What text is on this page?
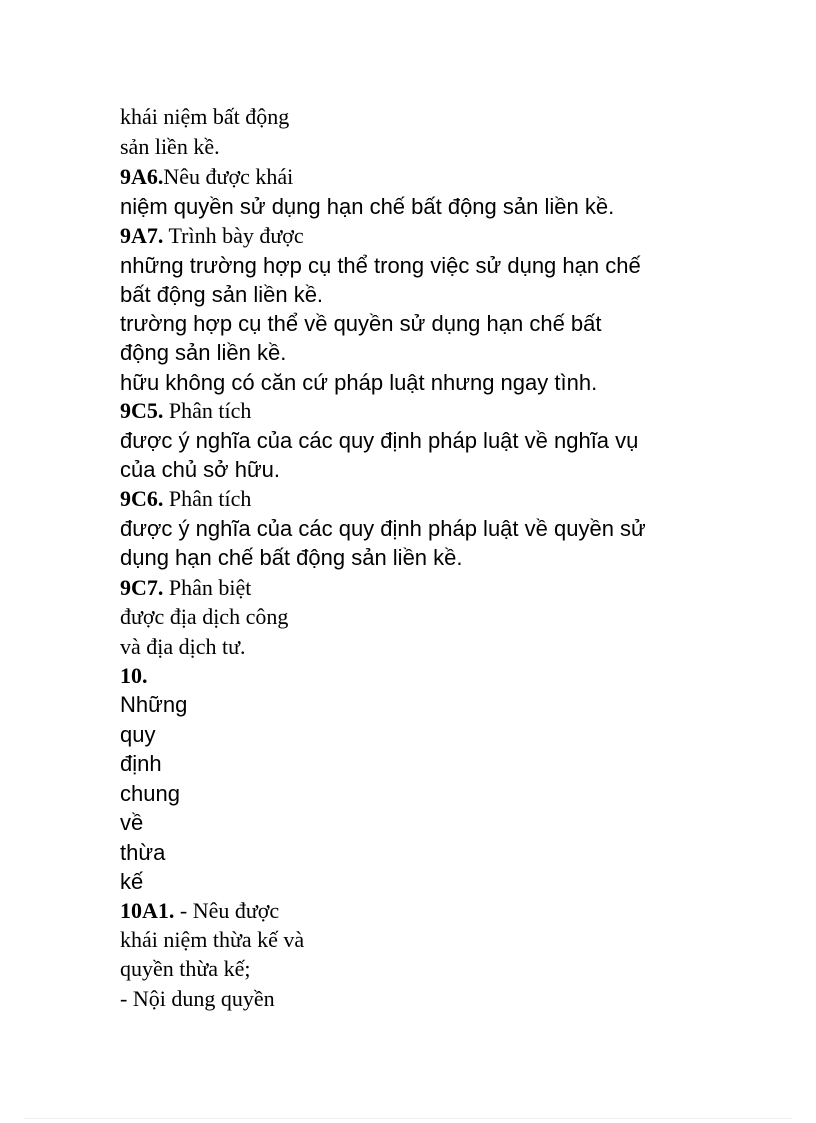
khái niệm bất động
sản liền kề.
9A6.Nêu được khái
niệm quyền sử dụng hạn chế bất động sản liền kề.
9A7. Trình bày được
những trường hợp cụ thể trong việc sử dụng hạn chế
bất động sản liền kề.
trường hợp cụ thể về quyền sử dụng hạn chế bất
động sản liền kề.
hữu không có căn cứ pháp luật nhưng ngay tình.
9C5. Phân tích
được ý nghĩa của các quy định pháp luật về nghĩa vụ
của chủ sở hữu.
9C6. Phân tích
được ý nghĩa của các quy định pháp luật về quyền sử
dụng hạn chế bất động sản liền kề.
9C7. Phân biệt
được địa dịch công
và địa dịch tư.
10.
Những
quy
định
chung
về
thừa
kế
10A1. - Nêu được
khái niệm thừa kế và
quyền thừa kế;
- Nội dung quyền
